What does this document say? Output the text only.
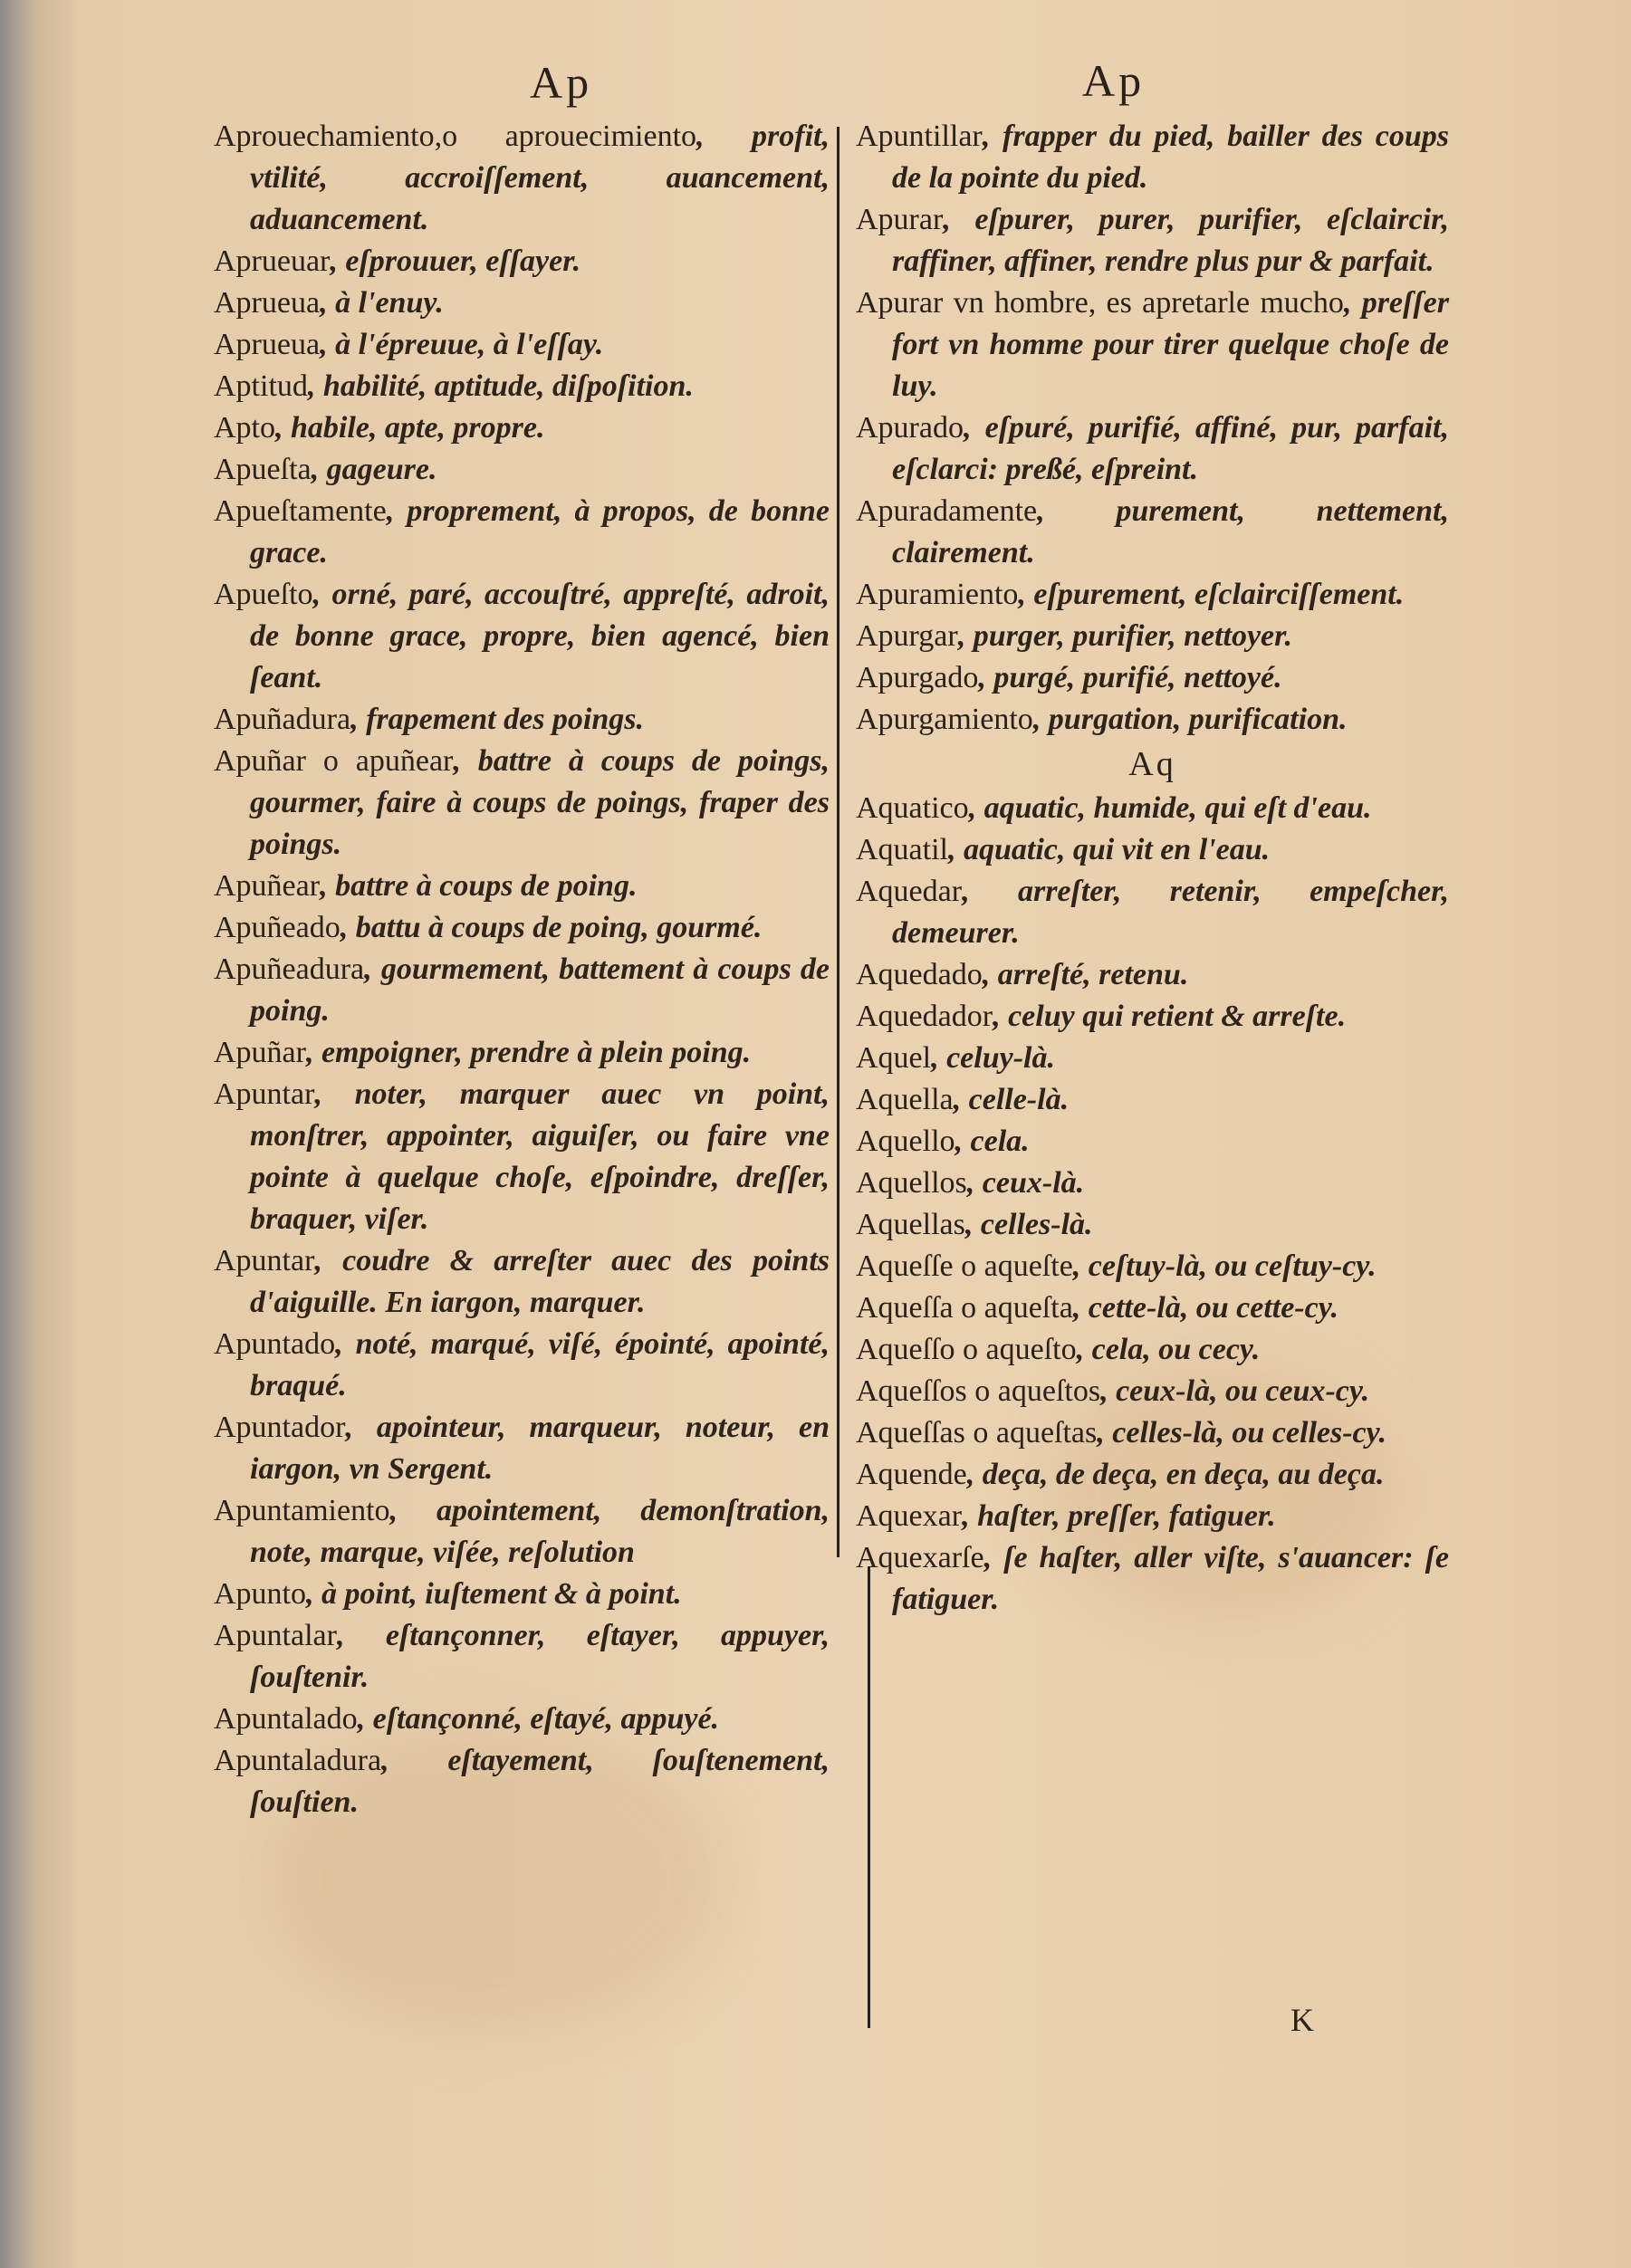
Ap	Ap
Aprouechamiento,o aprouecimiento, profit, vtilité, accroiſſement, auancement, aduancement.
Aprueuar, eſprouuer, eſſayer.
Aprueua, à l'enuy.
Aprueua, à l'épreuue, à l'eſſay.
Aptitud, habilité, aptitude, diſpoſition.
Apto, habile, apte, propre.
Apueſta, gageure.
Apueſtamente, proprement, à propos, de bonne grace.
Apueſto, orné, paré, accouſtré, appreſté, adroit, de bonne grace, propre, bien agencé, bien ſeant.
Apuñadura, frapement des poings.
Apuñar o apuñear, battre à coups de poings, gourmer, faire à coups de poings, fraper des poings.
Apuñear, battre à coups de poing.
Apuñeado, battu à coups de poing, gourmé.
Apuñeadura, gourmement, battement à coups de poing.
Apuñar, empoigner, prendre à plein poing.
Apuntar, noter, marquer auec vn point, monſtrer, appointer, aiguiſer, ou faire vne pointe à quelque choſe, eſpoindre, dreſſer, braquer, viſer.
Apuntar, coudre & arreſter auec des points d'aiguille. En iargon, marquer.
Apuntado, noté, marqué, viſé, épointé, apointé, braqué.
Apuntador, apointeur, marqueur, noteur, en iargon, vn Sergent.
Apuntamiento, apointement, demonſtration, note, marque, viſée, reſolution
Apunto, à point, iuſtement & à point.
Apuntalar, eſtançonner, eſtayer, appuyer, ſouſtenir.
Apuntalado, eſtançonné, eſtayé, appuyé.
Apuntaladura, eſtayement, ſouſtenement, ſouſtien.
Apuntillar, frapper du pied, bailler des coups de la pointe du pied.
Apurar, eſpurer, purer, purifier, eſclaircir, raffiner, affiner, rendre plus pur & parfait.
Apurar vn hombre, es apretarle mucho, preſſer fort vn homme pour tirer quelque choſe de luy.
Apurado, eſpuré, purifié, affiné, pur, parfait, eſclarci: preßé, eſpreint.
Apuradamente, purement, nettement, clairement.
Apuramiento, eſpurement, eſclairciſſement.
Apurgar, purger, purifier, nettoyer.
Apurgado, purgé, purifié, nettoyé.
Apurgamiento, purgation, purification.
Aq
Aquatico, aquatic, humide, qui eſt d'eau.
Aquatil, aquatic, qui vit en l'eau.
Aquedar, arreſter, retenir, empeſcher, demeurer.
Aquedado, arreſté, retenu.
Aquedador, celuy qui retient & arreſte.
Aquel, celuy-là.
Aquella, celle-là.
Aquello, cela.
Aquellos, ceux-là.
Aquellas, celles-là.
Aqueſſe o aqueſte, ceſtuy-là, ou ceſtuy-cy.
Aqueſſa o aqueſta, cette-là, ou cette-cy.
Aqueſſo o aqueſto, cela, ou cecy.
Aqueſſos o aqueſtos, ceux-là, ou ceux-cy.
Aqueſſas o aqueſtas, celles-là, ou celles-cy.
Aquende, deça, de deça, en deça, au deça.
Aquexar, haſter, preſſer, fatiguer.
Aquexarſe, ſe haſter, aller viſte, s'auancer: ſe fatiguer.
K
